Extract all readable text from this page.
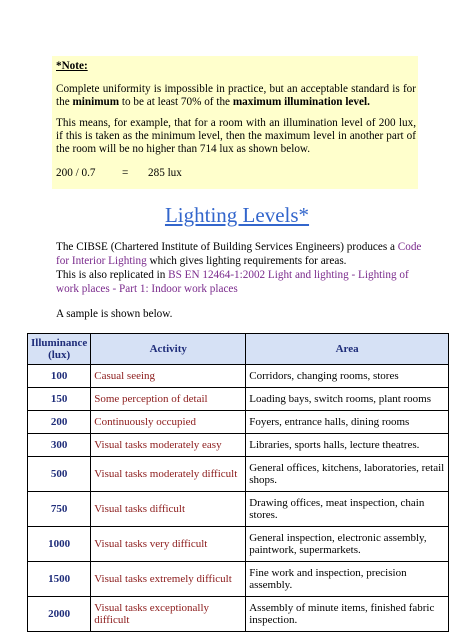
*Note:

Complete uniformity is impossible in practice, but an acceptable standard is for the minimum to be at least 70% of the maximum illumination level.

This means, for example, that for a room with an illumination level of 200 lux, if this is taken as the minimum level, then the maximum level in another part of the room will be no higher than 714 lux as shown below.

200 / 0.7 = 285 lux

Lighting Levels*

The CIBSE (Chartered Institute of Building Services Engineers) produces a Code for Interior Lighting which gives lighting requirements for areas.

This is also replicated in BS EN 12464-1:2002 Light and lighting - Lighting of work places - Part 1: Indoor work places

A sample is shown below.
Illuminance (lux)	Activity	Area
100	Casual seeing	Corridors, changing rooms, stores
150	Some perception of detail	Loading bays, switch rooms, plant rooms
200	Continuously occupied	Foyers, entrance halls, dining rooms
300	Visual tasks moderately easy	Libraries, sports halls, lecture theatres.
500	Visual tasks moderately difficult	General offices, kitchens, laboratories, retail shops.
750	Visual tasks difficult	Drawing offices, meat inspection, chain stores.
1000	Visual tasks very difficult	General inspection, electronic assembly, paintwork, supermarkets.
1500	Visual tasks extremely difficult	Fine work and inspection, precision assembly.
2000	Visual tasks exceptionally difficult	Assembly of minute items, finished fabric inspection.
